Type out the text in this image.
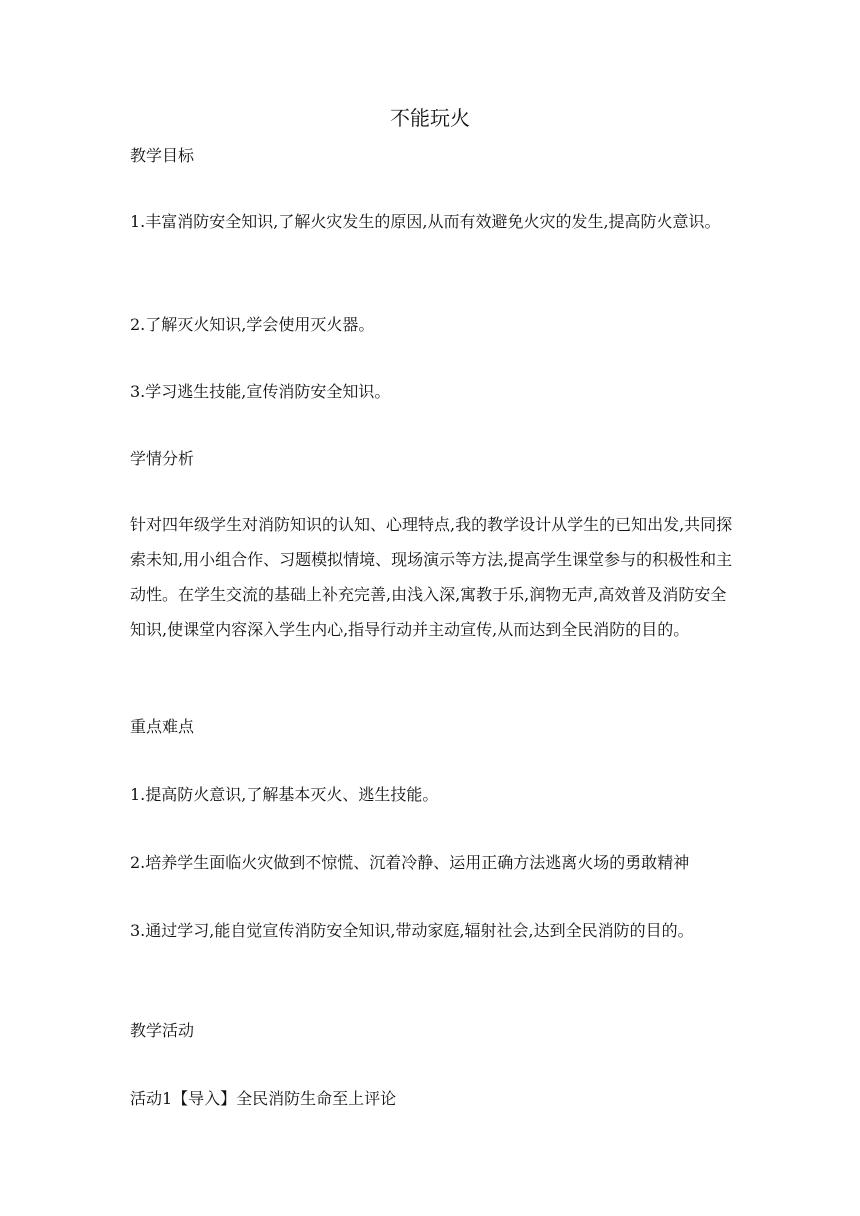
不能玩火
教学目标

1.丰富消防安全知识,了解火灾发生的原因,从而有效避免火灾的发生,提高防火意识。

2.了解灭火知识,学会使用灭火器。

3.学习逃生技能,宣传消防安全知识。

学情分析

针对四年级学生对消防知识的认知、心理特点,我的教学设计从学生的已知出发,共同探索未知,用小组合作、习题模拟情境、现场演示等方法,提高学生课堂参与的积极性和主动性。在学生交流的基础上补充完善,由浅入深,寓教于乐,润物无声,高效普及消防安全知识,使课堂内容深入学生内心,指导行动并主动宣传,从而达到全民消防的目的。

重点难点

1.提高防火意识,了解基本灭火、逃生技能。

2.培养学生面临火灾做到不惊慌、沉着冷静、运用正确方法逃离火场的勇敢精神

3.通过学习,能自觉宣传消防安全知识,带动家庭,辐射社会,达到全民消防的目的。

教学活动

活动1【导入】全民消防生命至上评论
